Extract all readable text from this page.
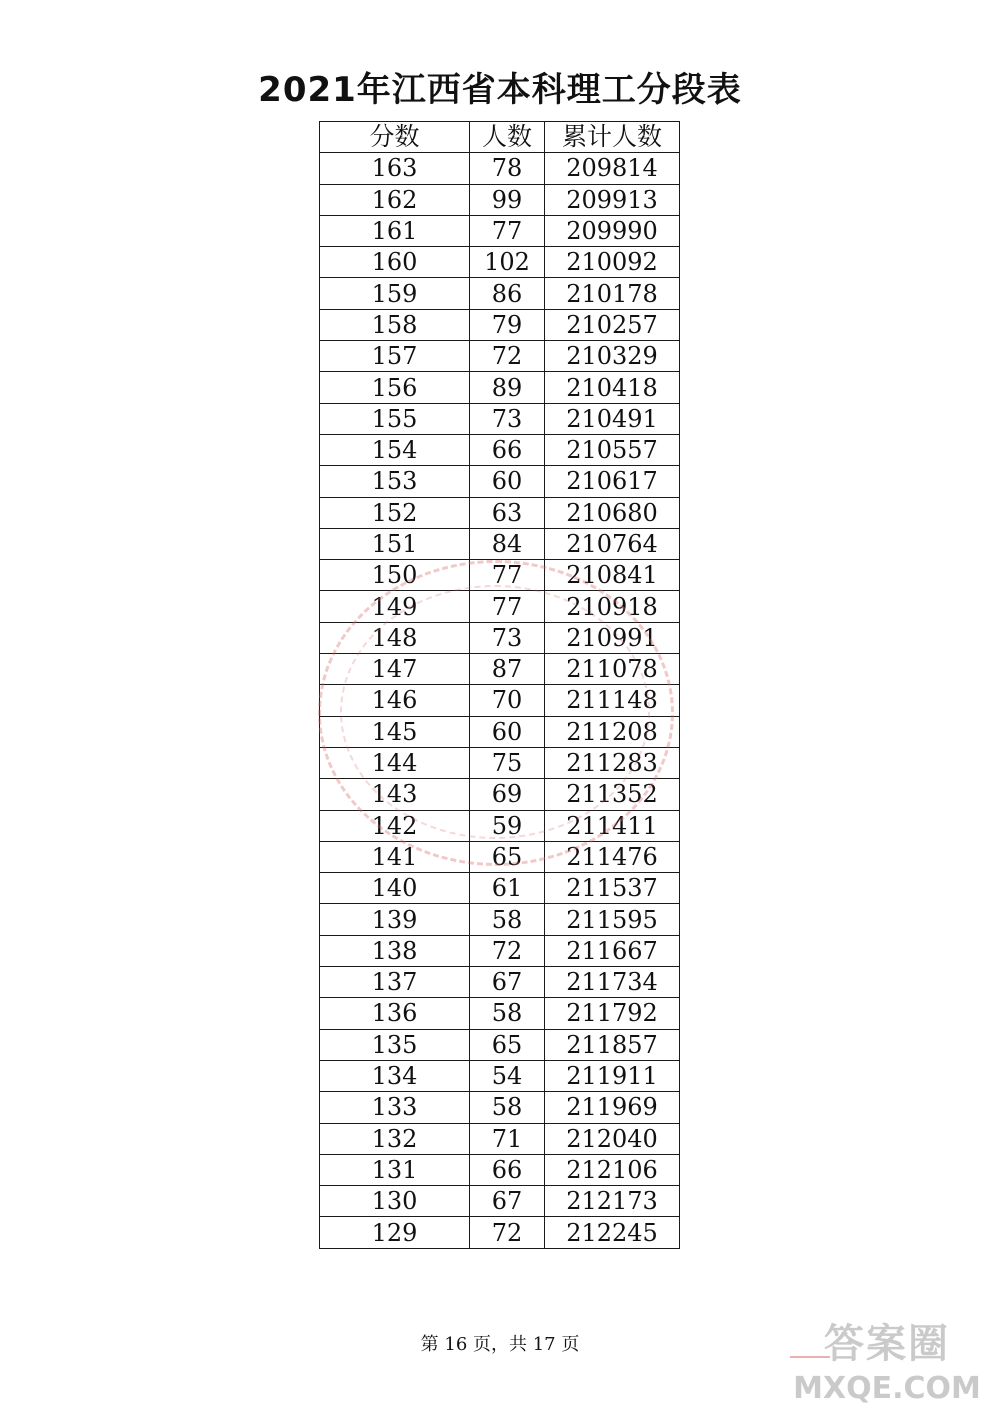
2021年江西省本科理工分段表
分数	人数	累计人数
163	78	209814
162	99	209913
161	77	209990
160	102	210092
159	86	210178
158	79	210257
157	72	210329
156	89	210418
155	73	210491
154	66	210557
153	60	210617
152	63	210680
151	84	210764
150	77	210841
149	77	210918
148	73	210991
147	87	211078
146	70	211148
145	60	211208
144	75	211283
143	69	211352
142	59	211411
141	65	211476
140	61	211537
139	58	211595
138	72	211667
137	67	211734
136	58	211792
135	65	211857
134	54	211911
133	58	211969
132	71	212040
131	66	212106
130	67	212173
129	72	212245
第 16 页，共 17 页	答案圈
MXQE.COM
